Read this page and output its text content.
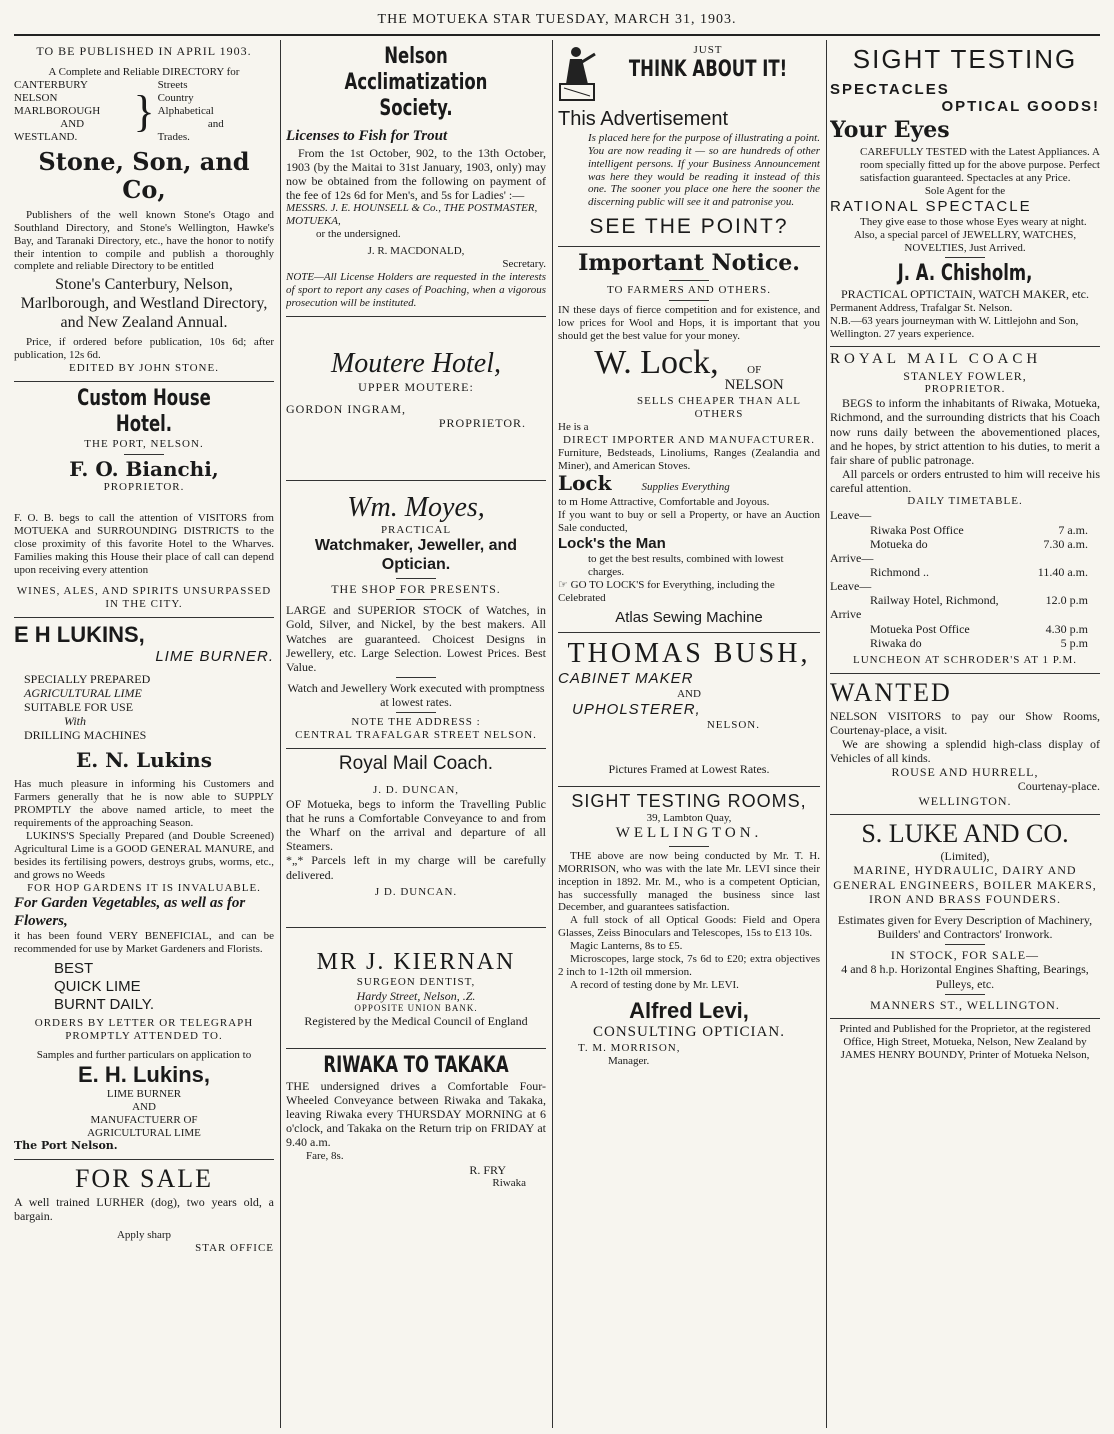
THE MOTUEKA STAR TUESDAY, MARCH 31, 1903.
TO BE PUBLISHED IN APRIL 1903.
A Complete and Reliable DIRECTORY for
CANTERBURY
NELSON
MARLBOROUGH
AND
WESTLAND.
}
Streets
Country
Alphabetical
and
Trades.
Stone, Son, and Co,
Publishers of the well known Stone's Otago and Southland Directory, and Stone's Wellington, Hawke's Bay, and Taranaki Directory, etc., have the honor to notify their intention to compile and publish a thoroughly complete and reliable Directory to be entitled
Stone's Canterbury, Nelson, Marlborough, and Westland Directory, and New Zealand Annual.
Price, if ordered before publication, 10s 6d; after publication, 12s 6d.
EDITED BY JOHN STONE.
Custom House Hotel.
THE PORT, NELSON.
F. O. Bianchi,
PROPRIETOR.
F. O. B. begs to call the attention of VISITORS from MOTUEKA and SURROUNDING DISTRICTS to the close proximity of this favorite Hotel to the Wharves. Families making this House their place of call can depend upon receiving every attention
WINES, ALES, AND SPIRITS UNSURPASSED IN THE CITY.
E H LUKINS,
LIME BURNER.
SPECIALLY PREPARED
AGRICULTURAL LIME
SUITABLE FOR USE
With
DRILLING MACHINES
E. N. Lukins
Has much pleasure in informing his Customers and Farmers generally that he is now able to SUPPLY PROMPTLY the above named article, to meet the requirements of the approaching Season.
LUKINS'S Specially Prepared (and Double Screened) Agricultural Lime is a GOOD GENERAL MANURE, and besides its fertilising powers, destroys grubs, worms, etc., and grows no Weeds
FOR HOP GARDENS IT IS INVALUABLE.
For Garden Vegetables, as well as for Flowers,
it has been found VERY BENEFICIAL, and can be recommended for use by Market Gardeners and Florists.
BEST
QUICK LIME
BURNT DAILY.
ORDERS BY LETTER OR TELEGRAPH PROMPTLY ATTENDED TO.
Samples and further particulars on application to
E. H. Lukins,
LIME BURNER
AND
MANUFACTUERR OF
AGRICULTURAL LIME
The Port Nelson.
FOR SALE
A well trained LURHER (dog), two years old, a bargain.
Apply sharp
STAR OFFICE
Nelson Acclimatization Society.
Licenses to Fish for Trout
From the 1st October, 902, to the 13th October, 1903 (by the Maitai to 31st January, 1903, only) may now be obtained from the following on payment of the fee of 12s 6d for Men's, and 5s for Ladies' :—
MESSRS. J. E. HOUNSELL & Co., THE POSTMASTER, MOTUEKA,
or the undersigned.
J. R. MACDONALD,
Secretary.
NOTE—All License Holders are requested in the interests of sport to report any cases of Poaching, when a vigorous prosecution will be instituted.
Moutere Hotel,
UPPER MOUTERE:
GORDON INGRAM,
PROPRIETOR.
Wm. Moyes,
PRACTICAL
Watchmaker, Jeweller, and Optician.
THE SHOP FOR PRESENTS.
LARGE and SUPERIOR STOCK of Watches, in Gold, Silver, and Nickel, by the best makers. All Watches are guaranteed. Choicest Designs in Jewellery, etc. Large Selection. Lowest Prices. Best Value.
Watch and Jewellery Work executed with promptness at lowest rates.
NOTE THE ADDRESS :
CENTRAL TRAFALGAR STREET NELSON.
Royal Mail Coach.
J. D. DUNCAN,
OF Motueka, begs to inform the Travelling Public that he runs a Comfortable Conveyance to and from the Wharf on the arrival and departure of all Steamers.
*„* Parcels left in my charge will be carefully delivered.
J D. DUNCAN.
MR J. KIERNAN
SURGEON DENTIST,
Hardy Street, Nelson, .Z.
OPPOSITE UNION BANK.
Registered by the Medical Council of England
RIWAKA TO TAKAKA
THE undersigned drives a Comfortable Four-Wheeled Conveyance between Riwaka and Takaka, leaving Riwaka every THURSDAY MORNING at 6 o'clock, and Takaka on the Return trip on FRIDAY at 9.40 a.m.
Fare, 8s.
R. FRY
Riwaka
JUST
THINK ABOUT IT!
This Advertisement
Is placed here for the purpose of illustrating a point. You are now reading it — so are hundreds of other intelligent persons. If your Business Announcement was here they would be reading it instead of this one. The sooner you place one here the sooner the discerning public will see it and patronise you.
SEE THE POINT?
Important Notice.
TO FARMERS AND OTHERS.
IN these days of fierce competition and for existence, and low prices for Wool and Hops, it is important that you should get the best value for your money.
W. Lock,	OF
NELSON
SELLS CHEAPER THAN ALL OTHERS
He is a
DIRECT IMPORTER AND MANUFACTURER.
Furniture, Bedsteads, Linoliums, Ranges (Zealandia and Miner), and American Stoves.
Lock	Supplies Everything
to m Home Attractive, Comfortable and Joyous.
If you want to buy or sell a Property, or have an Auction Sale conducted,
Lock's the Man
to get the best results, combined with lowest charges.
☞ GO TO LOCK'S for Everything, including the Celebrated
Atlas Sewing Machine
THOMAS BUSH,
CABINET MAKER
AND
UPHOLSTERER,
NELSON.
Pictures Framed at Lowest Rates.
SIGHT TESTING ROOMS,
39, Lambton Quay,
WELLINGTON.
THE above are now being conducted by Mr. T. H. MORRISON, who was with the late Mr. LEVI since their inception in 1892. Mr. M., who is a competent Optician, has successfully managed the business since last December, and guarantees satisfaction.
A full stock of all Optical Goods: Field and Opera Glasses, Zeiss Binoculars and Telescopes, 15s to £13 10s.
Magic Lanterns, 8s to £5.
Microscopes, large stock, 7s 6d to £20; extra objectives 2 inch to 1-12th oil mmersion.
A record of testing done by Mr. LEVI.
Alfred Levi,
CONSULTING OPTICIAN.
T. M. MORRISON,
Manager.
SIGHT TESTING
SPECTACLES
OPTICAL GOODS!
Your Eyes
CAREFULLY TESTED with the Latest Appliances. A room specially fitted up for the above purpose. Perfect satisfaction guaranteed. Spectacles at any Price.
Sole Agent for the
RATIONAL SPECTACLE
They give ease to those whose Eyes weary at night.
Also, a special parcel of JEWELLRY, WATCHES, NOVELTIES, Just Arrived.
J. A. Chisholm,
PRACTICAL OPTICTAIN, WATCH MAKER, etc.
Permanent Address, Trafalgar St. Nelson.
N.B.—63 years journeyman with W. Littlejohn and Son, Wellington. 27 years experience.
ROYAL MAIL COACH
STANLEY FOWLER,
PROPRIETOR.
BEGS to inform the inhabitants of Riwaka, Motueka, Richmond, and the surrounding districts that his Coach now runs daily between the abovementioned places, and he hopes, by strict attention to his duties, to merit a fair share of public patronage.
All parcels or orders entrusted to him will receive his careful attention.
DAILY TIMETABLE.
Leave—
Riwaka Post Office	7 a.m.
Motueka do	7.30 a.m.
Arrive—
Richmond ..	11.40 a.m.
Leave—
Railway Hotel, Richmond,	12.0 p.m
Arrive
Motueka Post Office	4.30 p.m
Riwaka do	5 p.m
LUNCHEON AT SCHRODER'S AT 1 P.M.
WANTED
NELSON VISITORS to pay our Show Rooms, Courtenay-place, a visit.
We are showing a splendid high-class display of Vehicles of all kinds.
ROUSE AND HURRELL,
Courtenay-place.
WELLINGTON.
S. LUKE AND CO.
(Limited),
MARINE, HYDRAULIC, DAIRY AND GENERAL ENGINEERS, BOILER MAKERS, IRON AND BRASS FOUNDERS.
Estimates given for Every Description of Machinery,
Builders' and Contractors' Ironwork.
IN STOCK, FOR SALE—
4 and 8 h.p. Horizontal Engines Shafting, Bearings, Pulleys, etc.
MANNERS ST., WELLINGTON.
Printed and Published for the Proprietor, at the registered Office, High Street, Motueka, Nelson, New Zealand by JAMES HENRY BOUNDY, Printer of Motueka Nelson,
